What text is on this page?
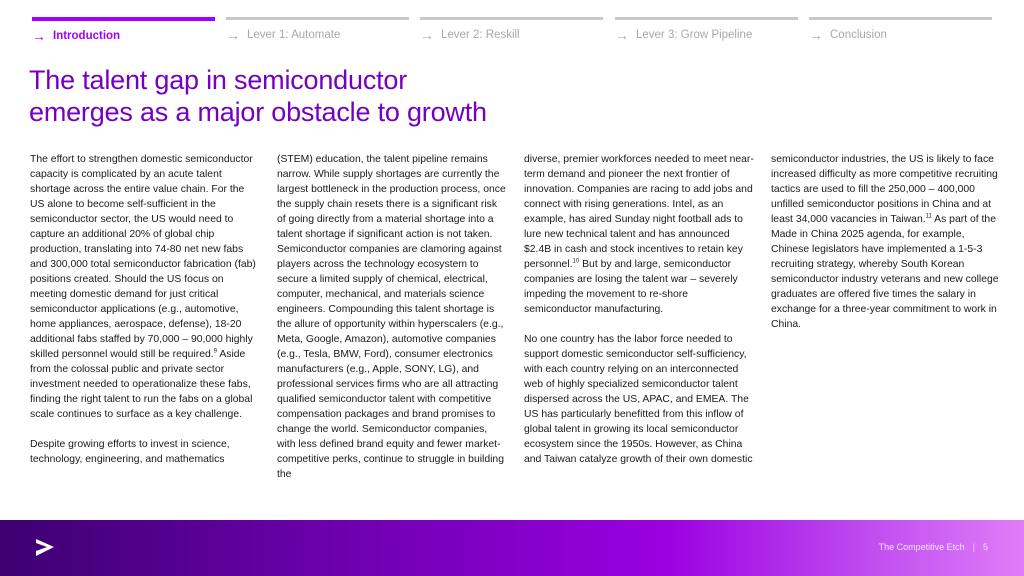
→ Introduction	→ Lever 1: Automate	→ Lever 2: Reskill	→ Lever 3: Grow Pipeline	→ Conclusion
The talent gap in semiconductor
emerges as a major obstacle to growth

The effort to strengthen domestic semiconductor capacity is complicated by an acute talent shortage across the entire value chain. For the US alone to become self-sufficient in the semiconductor sector, the US would need to capture an additional 20% of global chip production, translating into 74-80 net new fabs and 300,000 total semiconductor fabrication (fab) positions created. Should the US focus on meeting domestic demand for just critical semiconductor applications (e.g., automotive, home appliances, aerospace, defense), 18-20 additional fabs staffed by 70,000 – 90,000 highly skilled personnel would still be required.$^9$ Aside from the colossal public and private sector investment needed to operationalize these fabs, finding the right talent to run the fabs on a global scale continues to surface as a key challenge.

Despite growing efforts to invest in science, technology, engineering, and mathematics

(STEM) education, the talent pipeline remains narrow. While supply shortages are currently the largest bottleneck in the production process, once the supply chain resets there is a significant risk of going directly from a material shortage into a talent shortage if significant action is not taken. Semiconductor companies are clamoring against players across the technology ecosystem to secure a limited supply of chemical, electrical, computer, mechanical, and materials science engineers. Compounding this talent shortage is the allure of opportunity within hyperscalers (e.g., Meta, Google, Amazon), automotive companies (e.g., Tesla, BMW, Ford), consumer electronics manufacturers (e.g., Apple, SONY, LG), and professional services firms who are all attracting qualified semiconductor talent with competitive compensation packages and brand promises to change the world. Semiconductor companies, with less defined brand equity and fewer market-competitive perks, continue to struggle in building the

diverse, premier workforces needed to meet near-term demand and pioneer the next frontier of innovation. Companies are racing to add jobs and connect with rising generations. Intel, as an example, has aired Sunday night football ads to lure new technical talent and has announced $2.4B in cash and stock incentives to retain key personnel.$^{10}$ But by and large, semiconductor companies are losing the talent war – severely impeding the movement to re-shore semiconductor manufacturing.

No one country has the labor force needed to support domestic semiconductor self-sufficiency, with each country relying on an interconnected web of highly specialized semiconductor talent dispersed across the US, APAC, and EMEA. The US has particularly benefitted from this inflow of global talent in growing its local semiconductor ecosystem since the 1950s. However, as China and Taiwan catalyze growth of their own domestic

semiconductor industries, the US is likely to face increased difficulty as more competitive recruiting tactics are used to fill the 250,000 – 400,000 unfilled semiconductor positions in China and at least 34,000 vacancies in Taiwan.$^{11}$ As part of the Made in China 2025 agenda, for example, Chinese legislators have implemented a 1-5-3 recruiting strategy, whereby South Korean semiconductor industry veterans and new college graduates are offered five times the salary in exchange for a three-year commitment to work in China.

The Competitive Etch | 5
